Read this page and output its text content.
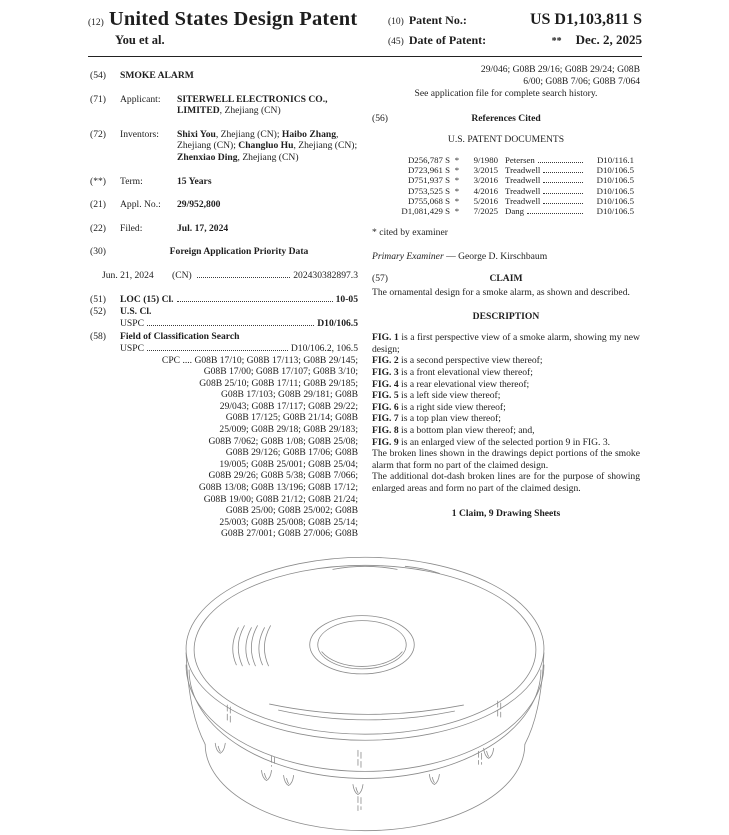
(12) United States Design Patent
You et al.
(10) Patent No.:	US D1,103,811 S
(45) Date of Patent:	** Dec. 2, 2025
(54)	SMOKE ALARM
(71)	Applicant:	SITERWELL ELECTRONICS CO., LIMITED, Zhejiang (CN)
(72)	Inventors:	Shixi You, Zhejiang (CN); Haibo Zhang, Zhejiang (CN); Changluo Hu, Zhejiang (CN); Zhenxiao Ding, Zhejiang (CN)
(**)	Term:	15 Years
(21)	Appl. No.:	29/952,800
(22)	Filed:	Jul. 17, 2024
(30)	Foreign Application Priority Data
Jun. 21, 2024	(CN)	202430382897.3
(51)	LOC (15) Cl.	10-05
(52)	U.S. Cl.
USPC	D10/106.5
(58)	Field of Classification Search
USPC	D10/106.2, 106.5
CPC .... G08B 17/10; G08B 17/113; G08B 29/145;
G08B 17/00; G08B 17/107; G08B 3/10;
G08B 25/10; G08B 17/11; G08B 29/185;
G08B 17/103; G08B 29/181; G08B
29/043; G08B 17/117; G08B 29/22;
G08B 17/125; G08B 21/14; G08B
25/009; G08B 29/18; G08B 29/183;
G08B 7/062; G08B 1/08; G08B 25/08;
G08B 29/126; G08B 17/06; G08B
19/005; G08B 25/001; G08B 25/04;
G08B 29/26; G08B 5/38; G08B 7/066;
G08B 13/08; G08B 13/196; G08B 17/12;
G08B 19/00; G08B 21/12; G08B 21/24;
G08B 25/00; G08B 25/002; G08B
25/003; G08B 25/008; G08B 25/14;
G08B 27/001; G08B 27/006; G08B
29/046; G08B 29/16; G08B 29/24; G08B
6/00; G08B 7/06; G08B 7/064
See application file for complete search history.
(56)	References Cited
U.S. PATENT DOCUMENTS
D256,787 S *	9/1980 Petersen	D10/116.1
D723,961 S *	3/2015 Treadwell	D10/106.5
D751,937 S *	3/2016 Treadwell	D10/106.5
D753,525 S *	4/2016 Treadwell	D10/106.5
D755,068 S *	5/2016 Treadwell	D10/106.5
D1,081,429 S *	7/2025 Dang	D10/106.5
* cited by examiner
Primary Examiner — George D. Kirschbaum
(57)	CLAIM
The ornamental design for a smoke alarm, as shown and described.
DESCRIPTION
FIG. 1 is a first perspective view of a smoke alarm, showing my new design;
FIG. 2 is a second perspective view thereof;
FIG. 3 is a front elevational view thereof;
FIG. 4 is a rear elevational view thereof;
FIG. 5 is a left side view thereof;
FIG. 6 is a right side view thereof;
FIG. 7 is a top plan view thereof;
FIG. 8 is a bottom plan view thereof; and,
FIG. 9 is an enlarged view of the selected portion 9 in FIG. 3.
The broken lines shown in the drawings depict portions of the smoke alarm that form no part of the claimed design.
The additional dot-dash broken lines are for the purpose of showing enlarged areas and form no part of the claimed design.
1 Claim, 9 Drawing Sheets
